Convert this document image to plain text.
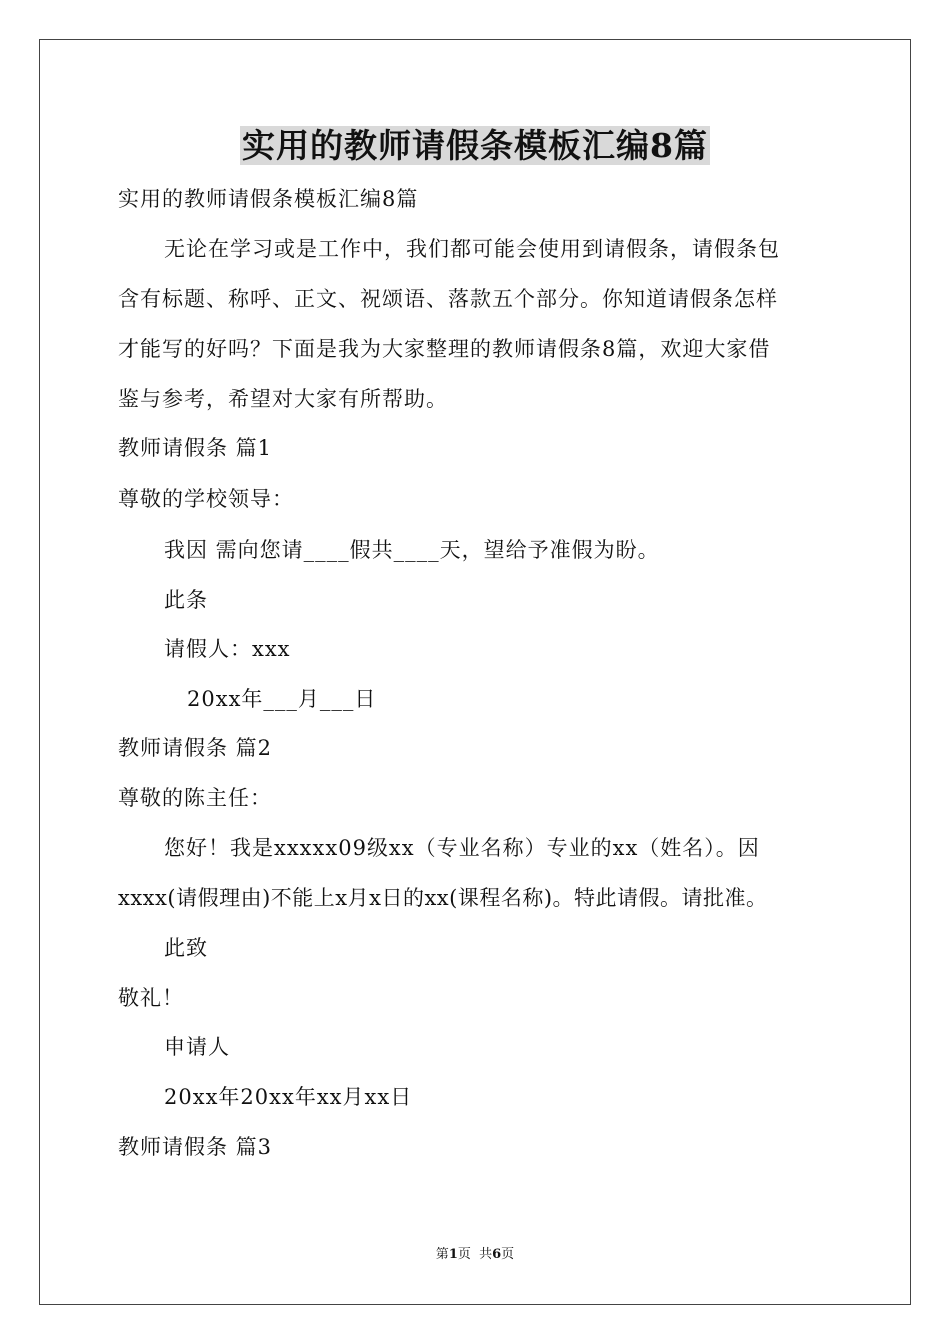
实用的教师请假条模板汇编8篇
实用的教师请假条模板汇编8篇
无论在学习或是工作中，我们都可能会使用到请假条，请假条包
含有标题、称呼、正文、祝颂语、落款五个部分。你知道请假条怎样
才能写的好吗？下面是我为大家整理的教师请假条8篇，欢迎大家借
鉴与参考，希望对大家有所帮助。
教师请假条 篇1
尊敬的学校领导：
我因 需向您请____假共____天，望给予准假为盼。
此条
请假人：xxx
20xx年___月___日
教师请假条 篇2
尊敬的陈主任：
您好！我是xxxxx09级xx（专业名称）专业的xx（姓名）。因
xxxx(请假理由)不能上x月x日的xx(课程名称)。特此请假。请批准。
此致
敬礼！
申请人
20xx年20xx年xx月xx日
教师请假条 篇3
第1页  共6页
